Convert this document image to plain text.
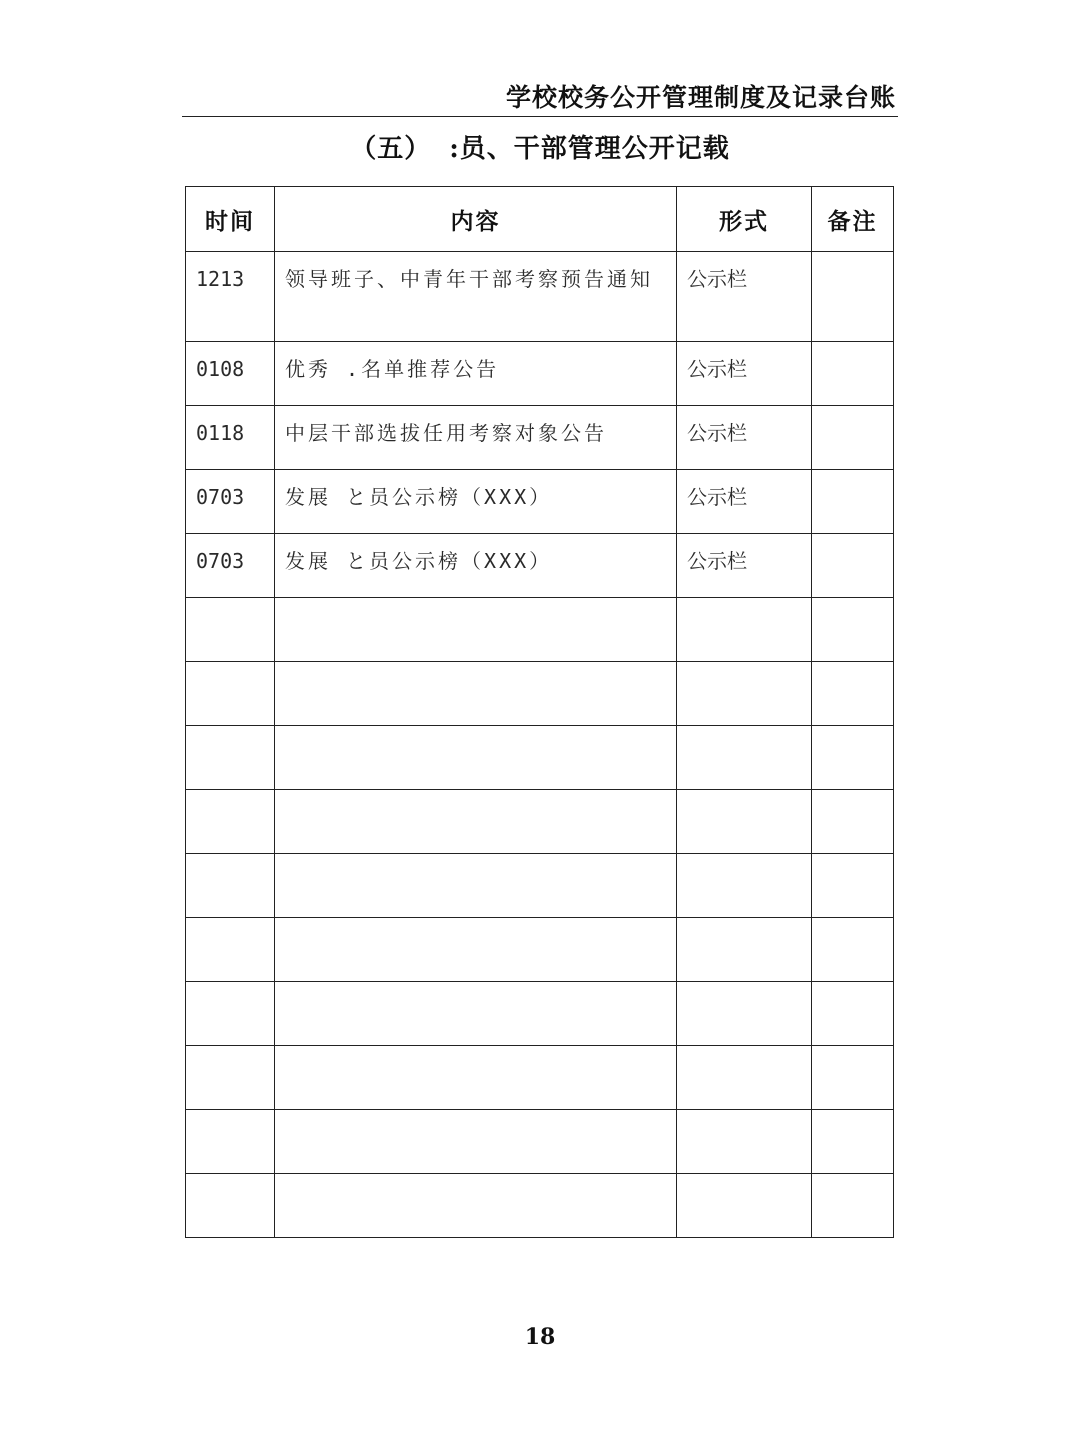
学校校务公开管理制度及记录台账
（五） :员、干部管理公开记载
时间	内容	形式	备注
1213	领导班子、中青年干部考察预告通知	公示栏	
0108	优秀 .名单推荐公告	公示栏	
0118	中层干部选拔任用考察对象公告	公示栏	
0703	发展 と员公示榜（XXX）	公示栏	
0703	发展 と员公示榜（XXX）	公示栏	

18
